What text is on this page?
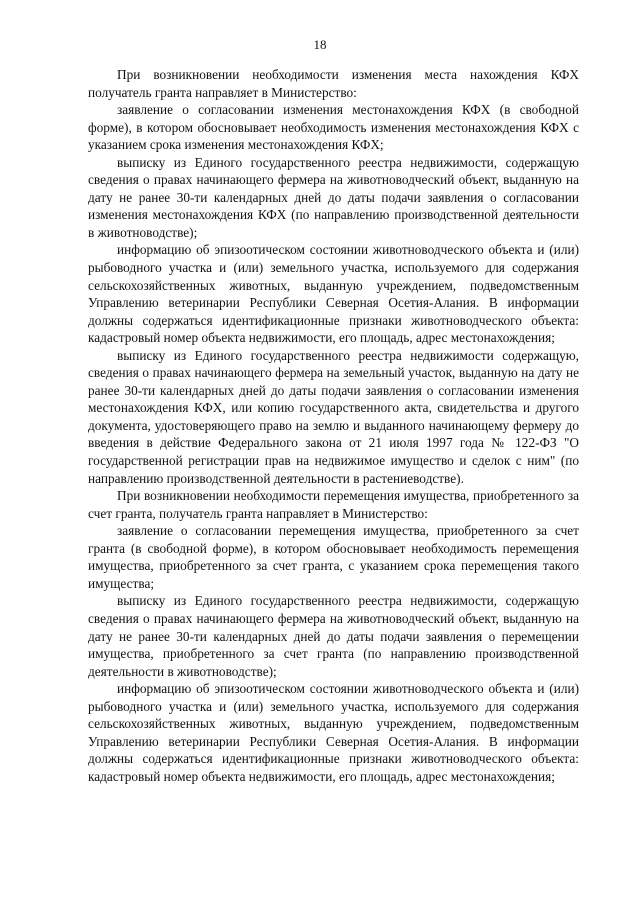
18

При возникновении необходимости изменения места нахождения КФХ получатель гранта направляет в Министерство:

заявление о согласовании изменения местонахождения КФХ (в свободной форме), в котором обосновывает необходимость изменения местонахождения КФХ с указанием срока изменения местонахождения КФХ;

выписку из Единого государственного реестра недвижимости, содержащую сведения о правах начинающего фермера на животноводческий объект, выданную на дату не ранее 30-ти календарных дней до даты подачи заявления о согласовании изменения местонахождения КФХ (по направлению производственной деятельности в животноводстве);

информацию об эпизоотическом состоянии животноводческого объекта и (или) рыбоводного участка и (или) земельного участка, используемого для содержания сельскохозяйственных животных, выданную учреждением, подведомственным Управлению ветеринарии Республики Северная Осетия-Алания. В информации должны содержаться идентификационные признаки животноводческого объекта: кадастровый номер объекта недвижимости, его площадь, адрес местонахождения;

выписку из Единого государственного реестра недвижимости содержащую, сведения о правах начинающего фермера на земельный участок, выданную на дату не ранее 30-ти календарных дней до даты подачи заявления о согласовании изменения местонахождения КФХ, или копию государственного акта, свидетельства и другого документа, удостоверяющего право на землю и выданного начинающему фермеру до введения в действие Федерального закона от 21 июля 1997 года № 122-ФЗ "О государственной регистрации прав на недвижимое имущество и сделок с ним" (по направлению производственной деятельности в растениеводстве).

При возникновении необходимости перемещения имущества, приобретенного за счет гранта, получатель гранта направляет в Министерство:

заявление о согласовании перемещения имущества, приобретенного за счет гранта (в свободной форме), в котором обосновывает необходимость перемещения имущества, приобретенного за счет гранта, с указанием срока перемещения такого имущества;

выписку из Единого государственного реестра недвижимости, содержащую сведения о правах начинающего фермера на животноводческий объект, выданную на дату не ранее 30-ти календарных дней до даты подачи заявления о перемещении имущества, приобретенного за счет гранта (по направлению производственной деятельности в животноводстве);

информацию об эпизоотическом состоянии животноводческого объекта и (или) рыбоводного участка и (или) земельного участка, используемого для содержания сельскохозяйственных животных, выданную учреждением, подведомственным Управлению ветеринарии Республики Северная Осетия-Алания. В информации должны содержаться идентификационные признаки животноводческого объекта: кадастровый номер объекта недвижимости, его площадь, адрес местонахождения;
